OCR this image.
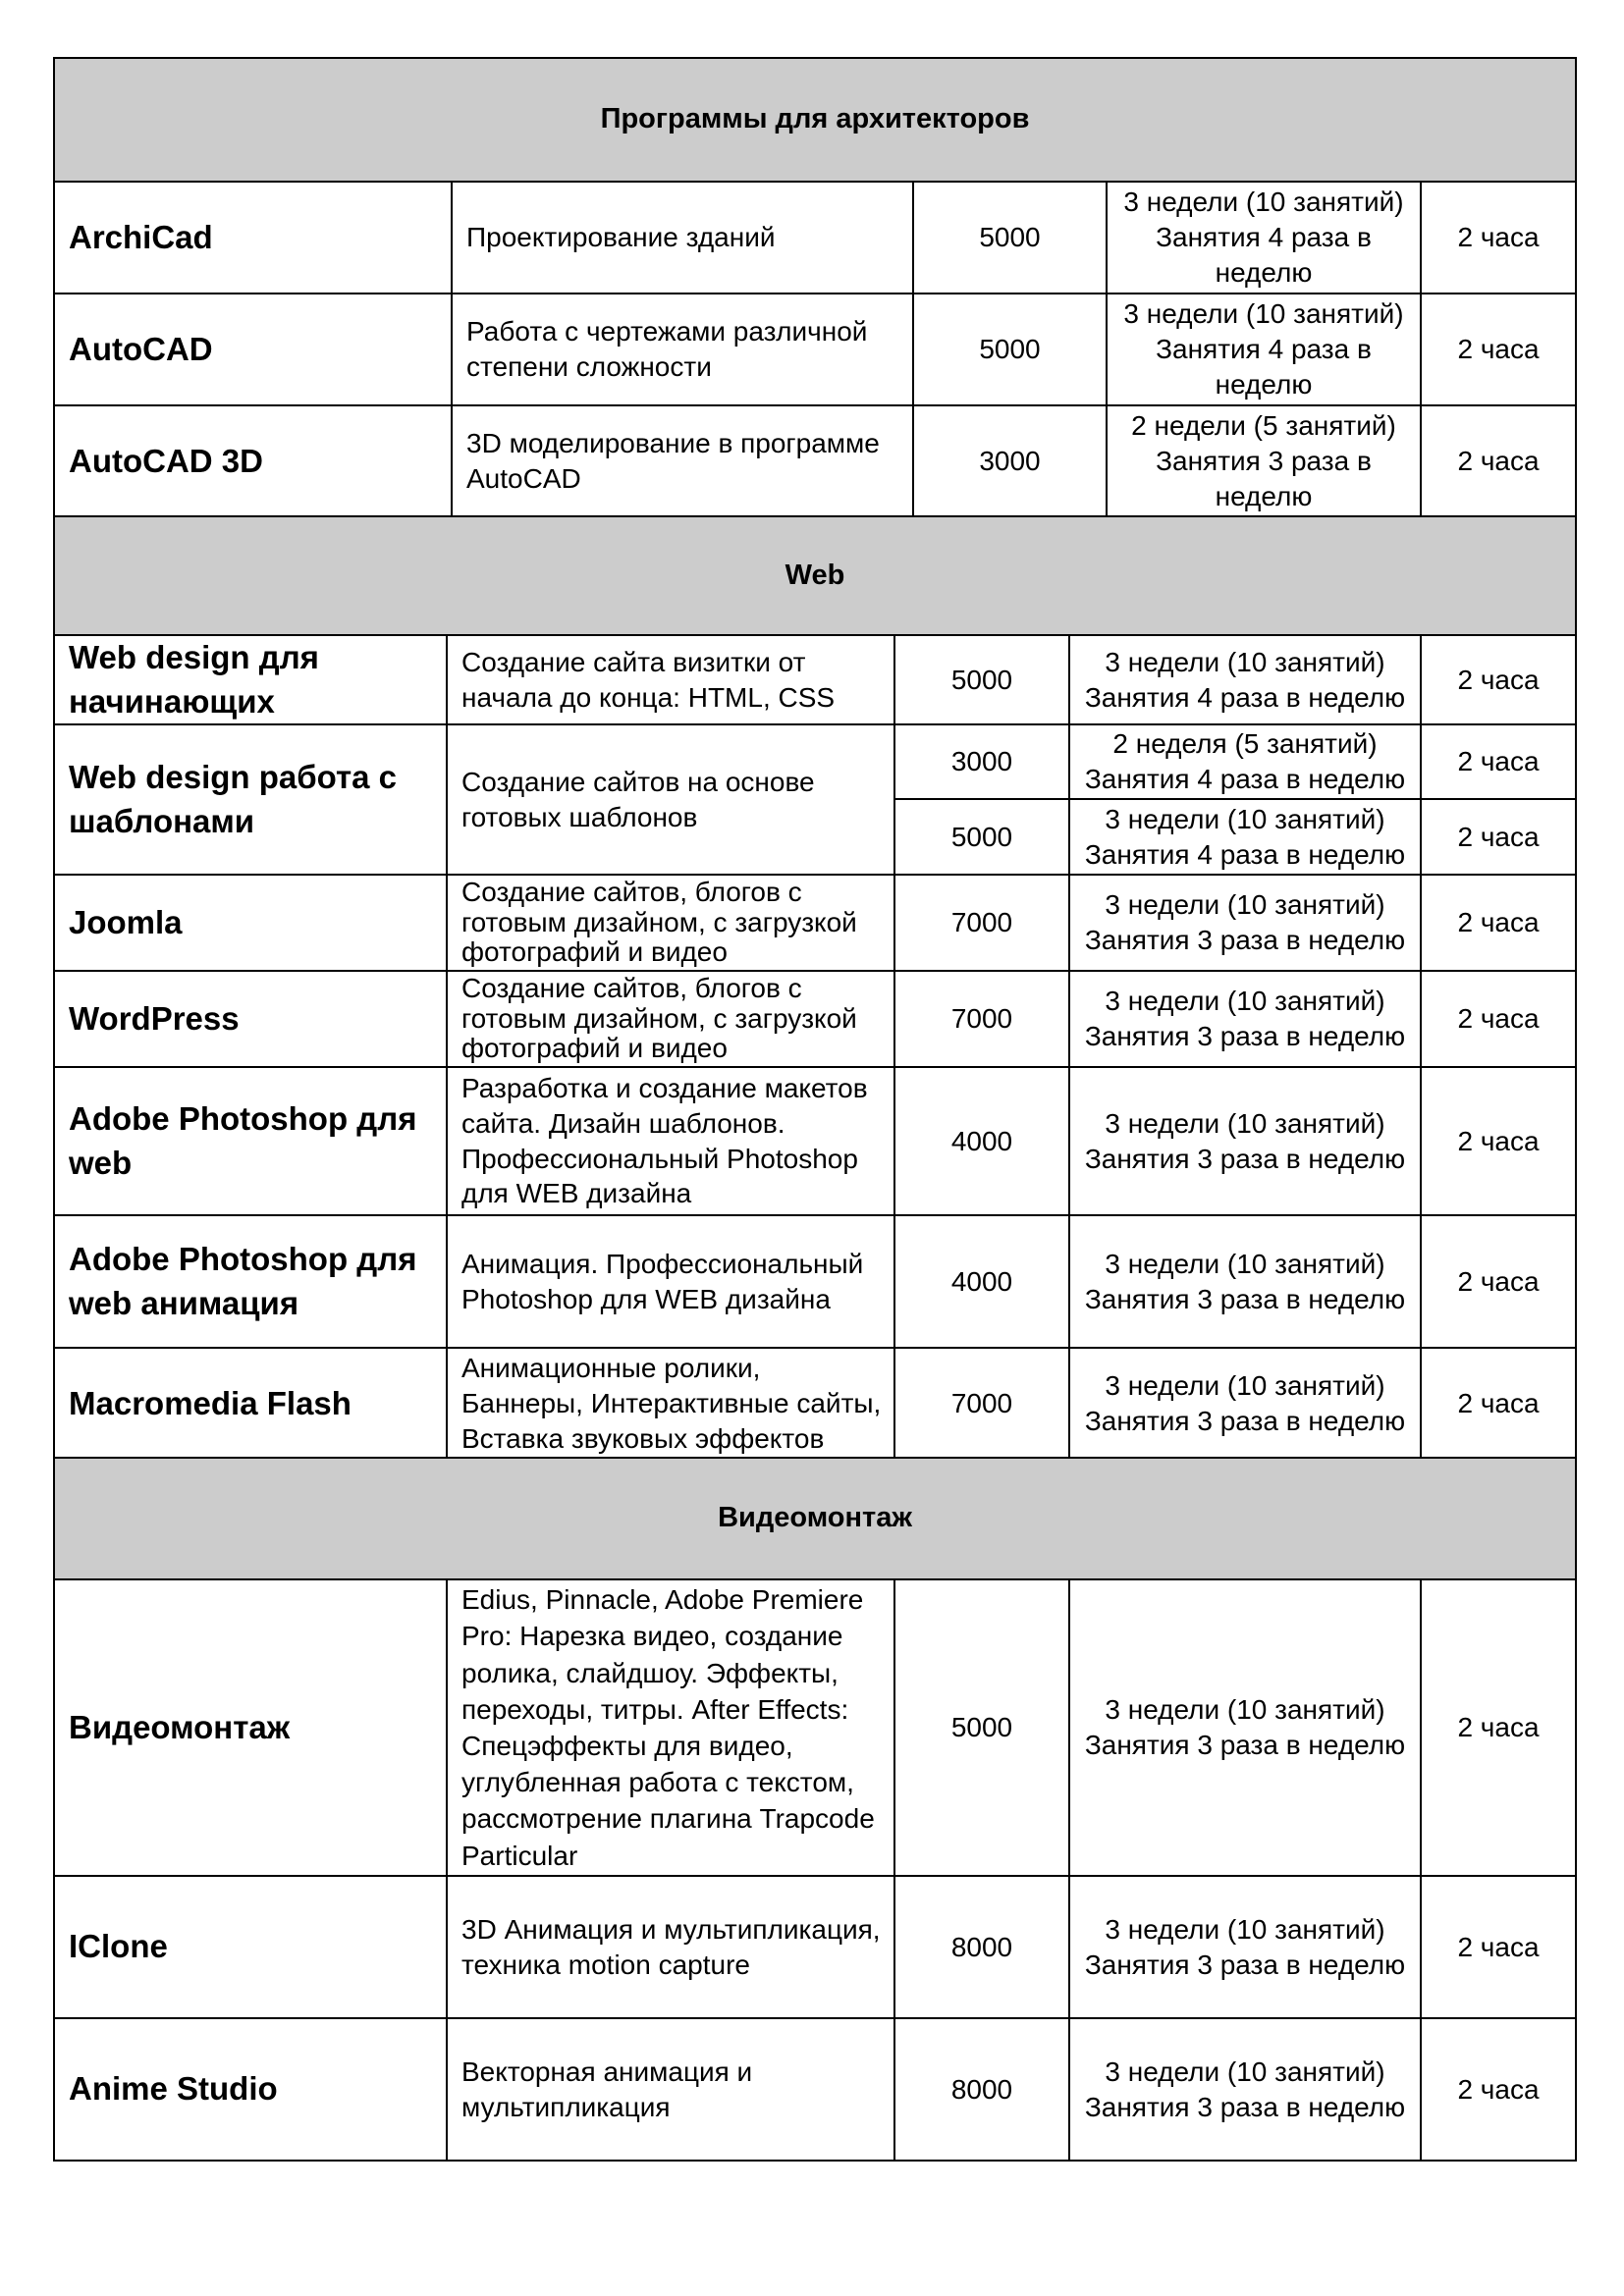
Программы для архитекторов				
ArchiCad	Проектирование зданий	5000	3 недели (10 занятий) Занятия 4 раза в неделю	2 часа
AutoCAD	Работа с чертежами различной степени сложности	5000	3 недели (10 занятий) Занятия 4 раза в неделю	2 часа
AutoCAD 3D	3D моделирование в программе AutoCAD	3000	2 недели (5 занятий) Занятия 3 раза в неделю	2 часа
Web				
Web design для начинающих	Создание сайта визитки от начала до конца: HTML, CSS	5000	3 недели (10 занятий) Занятия 4 раза в неделю	2 часа
Web design работа с шаблонами	Создание сайтов на основе готовых шаблонов	3000	2 неделя (5 занятий) Занятия 4 раза в неделю	2 часа
		5000	3 недели (10 занятий) Занятия 4 раза в неделю	2 часа
Joomla	Создание сайтов, блогов с готовым дизайном, с загрузкой фотографий и видео	7000	3 недели (10 занятий) Занятия 3 раза в неделю	2 часа
WordPress	Создание сайтов, блогов с готовым дизайном, с загрузкой фотографий и видео	7000	3 недели (10 занятий) Занятия 3 раза в неделю	2 часа
Adobe Photoshop для web	Разработка и создание макетов сайта. Дизайн шаблонов. Профессиональный Photoshop для WEB дизайна	4000	3 недели (10 занятий) Занятия 3 раза в неделю	2 часа
Adobe Photoshop для web анимация	Анимация. Профессиональный Photoshop для WEB дизайна	4000	3 недели (10 занятий) Занятия 3 раза в неделю	2 часа
Macromedia Flash	Анимационные ролики, Баннеры, Интерактивные сайты, Вставка звуковых эффектов	7000	3 недели (10 занятий) Занятия 3 раза в неделю	2 часа
Видеомонтаж				
Видеомонтаж	Edius, Pinnacle, Adobe Premiere Pro: Нарезка видео, создание ролика, слайдшоу. Эффекты, переходы, титры. After Effects: Спецэффекты для видео, углубленная работа с текстом, рассмотрение плагина Trapcode Particular	5000	3 недели (10 занятий) Занятия 3 раза в неделю	2 часа
IClone	3D Анимация и мультипликация, техника motion capture	8000	3 недели (10 занятий) Занятия 3 раза в неделю	2 часа
Anime Studio	Векторная анимация и мультипликация	8000	3 недели (10 занятий) Занятия 3 раза в неделю	2 часа
